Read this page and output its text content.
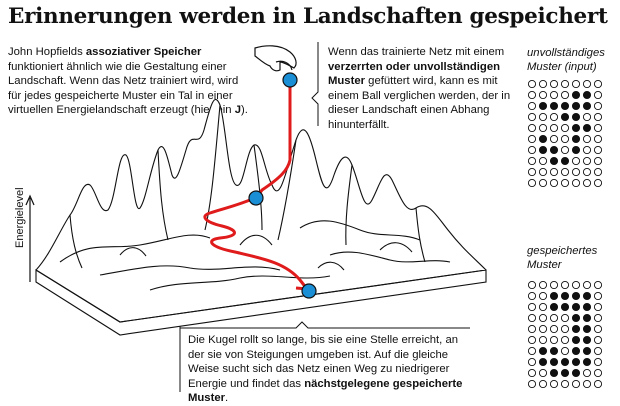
Erinnerungen werden in Landschaften gespeichert
John Hopfields assoziativer Speicher funktioniert ähnlich wie die Gestaltung einer Landschaft. Wenn das Netz trainiert wird, wird für jedes gespeicherte Muster ein Tal in einer virtuellen Energielandschaft erzeugt (hier ein J).
Wenn das trainierte Netz mit einem verzerrten oder unvollständigen Muster gefüttert wird, kann es mit einem Ball verglichen werden, der in dieser Landschaft einen Abhang hinunterfällt.
Die Kugel rollt so lange, bis sie eine Stelle erreicht, an der sie von Steigungen umgeben ist. Auf die gleiche Weise sucht sich das Netz einen Weg zu niedrigerer Energie und findet das nächstgelegene gespeicherte Muster.
unvollständiges
Muster (input)
gespeichertes
Muster
Energielevel
